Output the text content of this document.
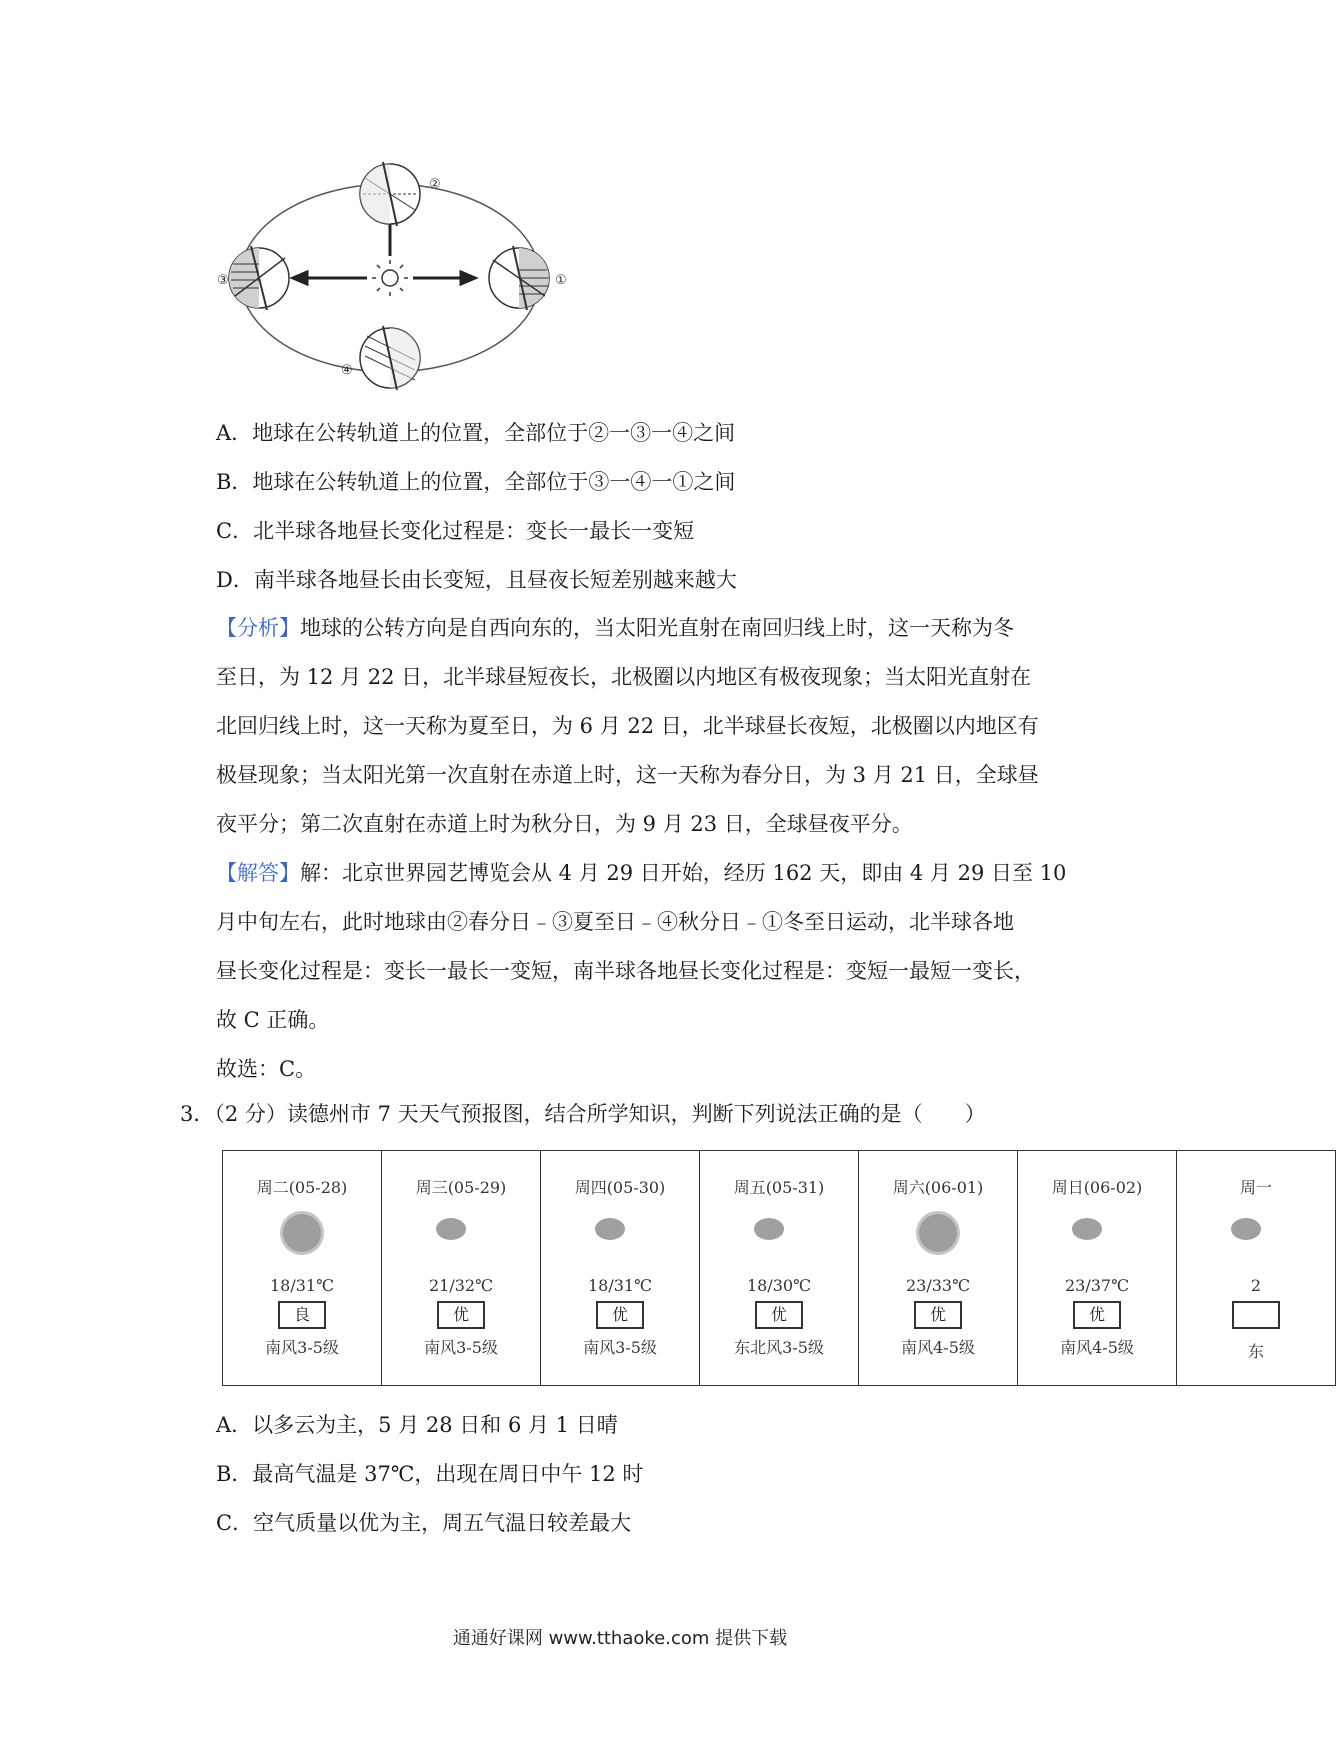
②
③	①
④
A．地球在公转轨道上的位置，全部位于②一③一④之间
B．地球在公转轨道上的位置，全部位于③一④一①之间
C．北半球各地昼长变化过程是：变长一最长一变短
D．南半球各地昼长由长变短，且昼夜长短差别越来越大
【分析】地球的公转方向是自西向东的，当太阳光直射在南回归线上时，这一天称为冬
至日，为 12 月 22 日，北半球昼短夜长，北极圈以内地区有极夜现象；当太阳光直射在
北回归线上时，这一天称为夏至日，为 6 月 22 日，北半球昼长夜短，北极圈以内地区有
极昼现象；当太阳光第一次直射在赤道上时，这一天称为春分日，为 3 月 21 日，全球昼
夜平分；第二次直射在赤道上时为秋分日，为 9 月 23 日，全球昼夜平分。
【解答】解：北京世界园艺博览会从 4 月 29 日开始，经历 162 天，即由 4 月 29 日至 10
月中旬左右，此时地球由②春分日﹣③夏至日﹣④秋分日﹣①冬至日运动，北半球各地
昼长变化过程是：变长一最长一变短，南半球各地昼长变化过程是：变短一最短一变长，
故 C 正确。
故选：C。
3．（2 分）读德州市 7 天天气预报图，结合所学知识，判断下列说法正确的是（　　）
周二(05-28)
18/31℃
良
南风3-5级

周三(05-29)
21/32℃
优
南风3-5级

周四(05-30)
18/31℃
优
南风3-5级

周五(05-31)
18/30℃
优
东北风3-5级

周六(06-01)
23/33℃
优
南风4-5级

周日(06-02)
23/37℃
优
南风4-5级

周一
2
东
A．以多云为主，5 月 28 日和 6 月 1 日晴
B．最高气温是 37℃，出现在周日中午 12 时
C．空气质量以优为主，周五气温日较差最大
通通好课网 www.tthaoke.com 提供下载
